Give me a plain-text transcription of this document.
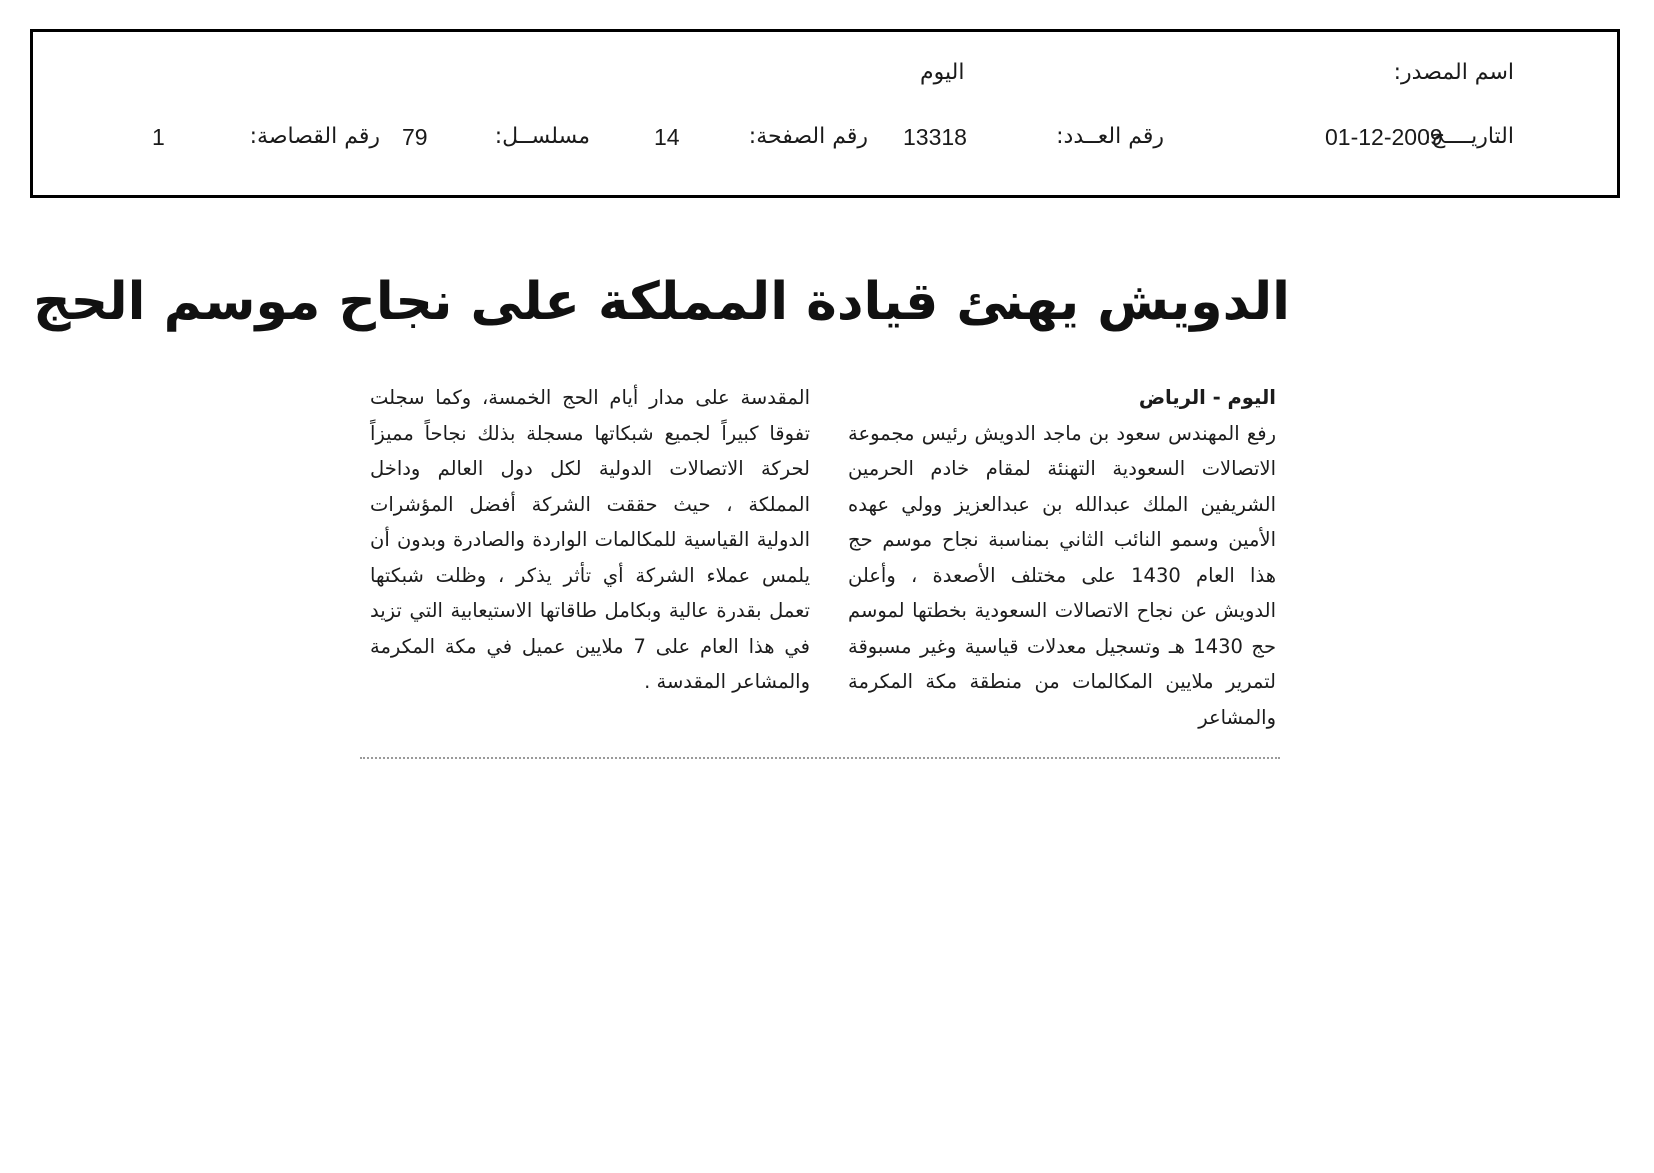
اسم المصدر:
اليوم
التاريــــخ:
01-12-2009
رقم العــدد:
13318
رقم الصفحة:
14
مسلســل:
79
رقم القصاصة:
1
الدويش يهنئ قيادة المملكة على نجاح موسم الحج
اليوم - الرياض

رفع المهندس سعود بن ماجد الدويش رئيس مجموعة الاتصالات السعودية التهنئة لمقام خادم الحرمين الشريفين الملك عبدالله بن عبدالعزيز وولي عهده الأمين وسمو النائب الثاني بمناسبة نجاح موسم حج هذا العام 1430 على مختلف الأصعدة ، وأعلن الدويش عن نجاح الاتصالات السعودية بخطتها لموسم حج 1430 هـ وتسجيل معدلات قياسية وغير مسبوقة لتمرير ملايين المكالمات من منطقة مكة المكرمة والمشاعر

المقدسة على مدار أيام الحج الخمسة، وكما سجلت تفوقا كبيراً لجميع شبكاتها مسجلة بذلك نجاحاً مميزاً لحركة الاتصالات الدولية لكل دول العالم وداخل المملكة ، حيث حققت الشركة أفضل المؤشرات الدولية القياسية للمكالمات الواردة والصادرة وبدون أن يلمس عملاء الشركة أي تأثر يذكر ، وظلت شبكتها تعمل بقدرة عالية وبكامل طاقاتها الاستيعابية التي تزيد في هذا العام على 7 ملايين عميل في مكة المكرمة والمشاعر المقدسة .
